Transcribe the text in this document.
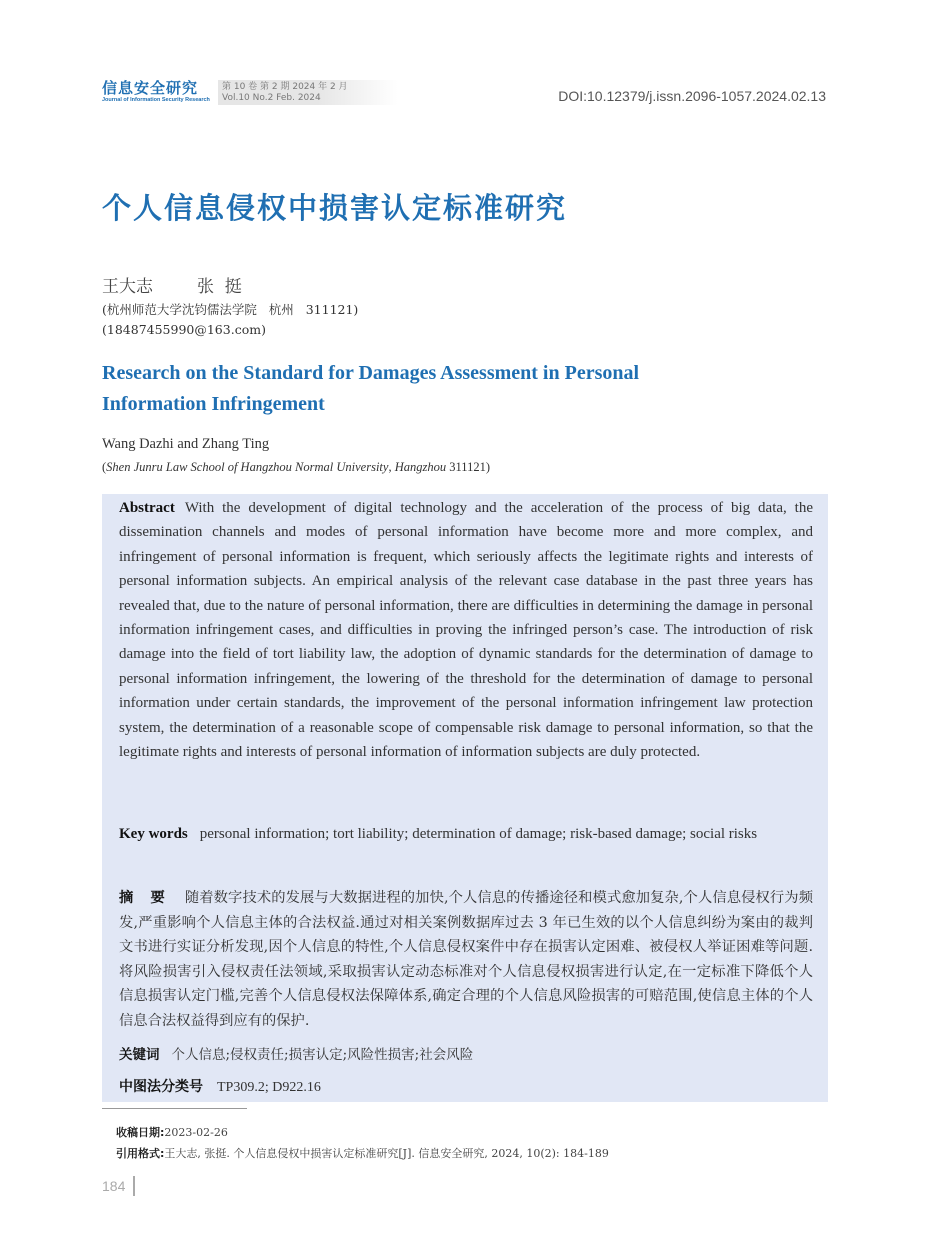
信息安全研究
Journal of Information Security Research
第 10 卷 第 2 期 2024 年 2 月
Vol.10 No.2 Feb. 2024	DOI:10.12379/j.issn.2096-1057.2024.02.13
个人信息侵权中损害认定标准研究
王大志	张  挺
(杭州师范大学沈钧儒法学院   杭州   311121)
(18487455990@163.com)
Research on the Standard for Damages Assessment in Personal Information Infringement
Wang Dazhi and Zhang Ting
(Shen Junru Law School of Hangzhou Normal University, Hangzhou 311121)
Abstract With the development of digital technology and the acceleration of the process of big data, the dissemination channels and modes of personal information have become more and more complex, and infringement of personal information is frequent, which seriously affects the legitimate rights and interests of personal information subjects. An empirical analysis of the relevant case database in the past three years has revealed that, due to the nature of personal information, there are difficulties in determining the damage in personal information infringement cases, and difficulties in proving the infringed person’s case. The introduction of risk damage into the field of tort liability law, the adoption of dynamic standards for the determination of damage to personal information infringement, the lowering of the threshold for the determination of damage to personal information under certain standards, the improvement of the personal information infringement law protection system, the determination of a reasonable scope of compensable risk damage to personal information, so that the legitimate rights and interests of personal information of information subjects are duly protected.
Key words personal information; tort liability; determination of damage; risk-based damage; social risks
摘 要 随着数字技术的发展与大数据进程的加快,个人信息的传播途径和模式愈加复杂,个人信息侵权行为频发,严重影响个人信息主体的合法权益.通过对相关案例数据库过去 3 年已生效的以个人信息纠纷为案由的裁判文书进行实证分析发现,因个人信息的特性,个人信息侵权案件中存在损害认定困难、被侵权人举证困难等问题.将风险损害引入侵权责任法领域,采取损害认定动态标准对个人信息侵权损害进行认定,在一定标准下降低个人信息损害认定门槛,完善个人信息侵权法保障体系,确定合理的个人信息风险损害的可赔范围,使信息主体的个人信息合法权益得到应有的保护.
关键词 个人信息;侵权责任;损害认定;风险性损害;社会风险
中图法分类号 TP309.2; D922.16
收稿日期:2023-02-26
引用格式:王大志, 张挺. 个人信息侵权中损害认定标准研究[J]. 信息安全研究, 2024, 10(2): 184-189
184
